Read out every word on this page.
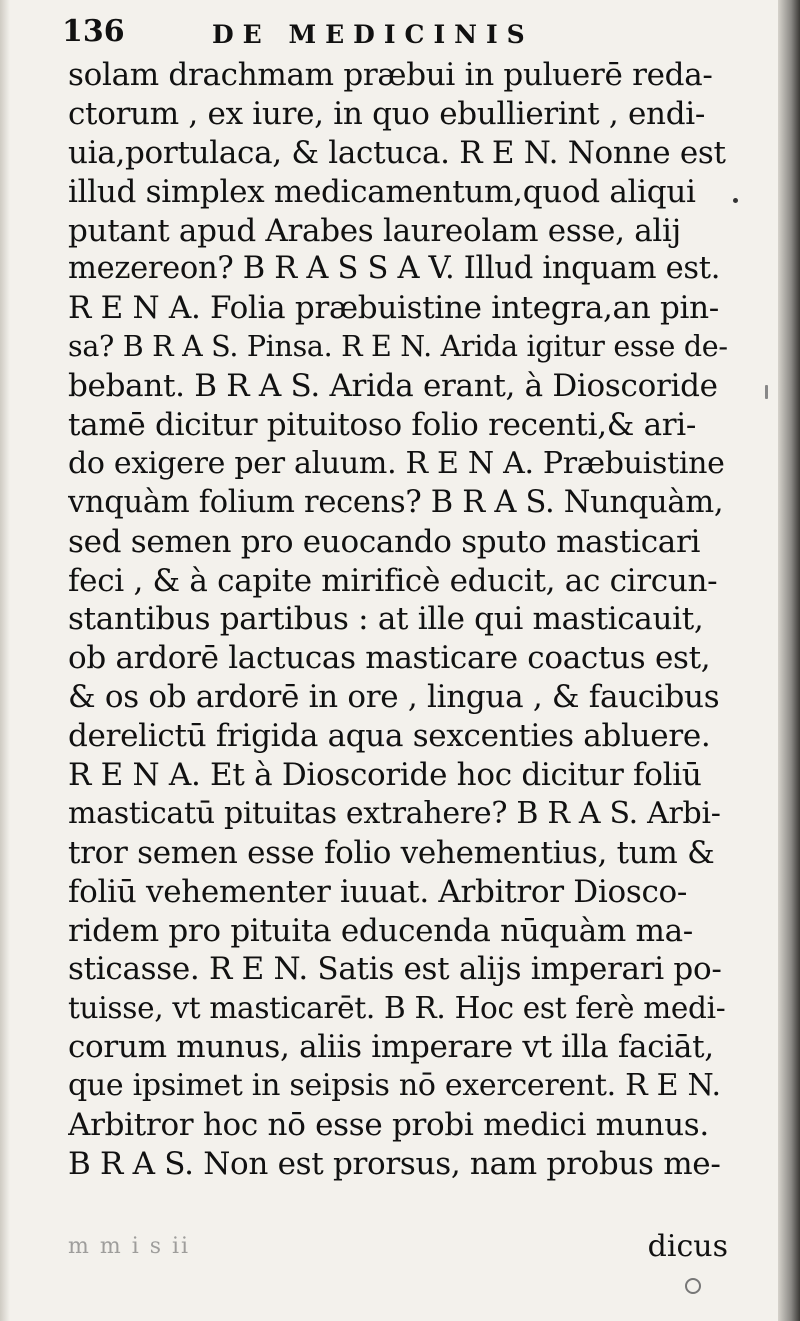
136	DE MEDICINIS
solam drachmam præbui in puluerē reda-
ctorum , ex iure, in quo ebullierint , endi-
uia,portulaca, & lactuca. R E N. Nonne est
illud simplex medicamentum,quod aliqui
putant apud Arabes laureolam esse, alij
mezereon? B R A S S A V. Illud inquam est.
R E N A. Folia præbuistine integra,an pin-
sa? B R A S. Pinsa. R E N. Arida igitur esse de-
bebant. B R A S. Arida erant, à Dioscoride
tamē dicitur pituitoso folio recenti,& ari-
do exigere per aluum. R E N A. Præbuistine
vnquàm folium recens? B R A S. Nunquàm,
sed semen pro euocando sputo masticari
feci , & à capite mirificè educit, ac circun-
stantibus partibus : at ille qui masticauit,
ob ardorē lactucas masticare coactus est,
& os ob ardorē in ore , lingua , & faucibus
derelictū frigida aqua sexcenties abluere.
R E N A. Et à Dioscoride hoc dicitur foliū
masticatū pituitas extrahere? B R A S. Arbi-
tror semen esse folio vehementius, tum &
foliū vehementer iuuat. Arbitror Diosco-
ridem pro pituita educenda nūquàm ma-
sticasse. R E N. Satis est alijs imperari po-
tuisse, vt masticarēt. B R. Hoc est ferè medi-
corum munus, aliis imperare vt illa faciāt,
que ipsimet in seipsis nō exercerent. R E N.
Arbitror hoc nō esse probi medici munus.
B R A S. Non est prorsus, nam probus me-
m m i s ii	dicus
